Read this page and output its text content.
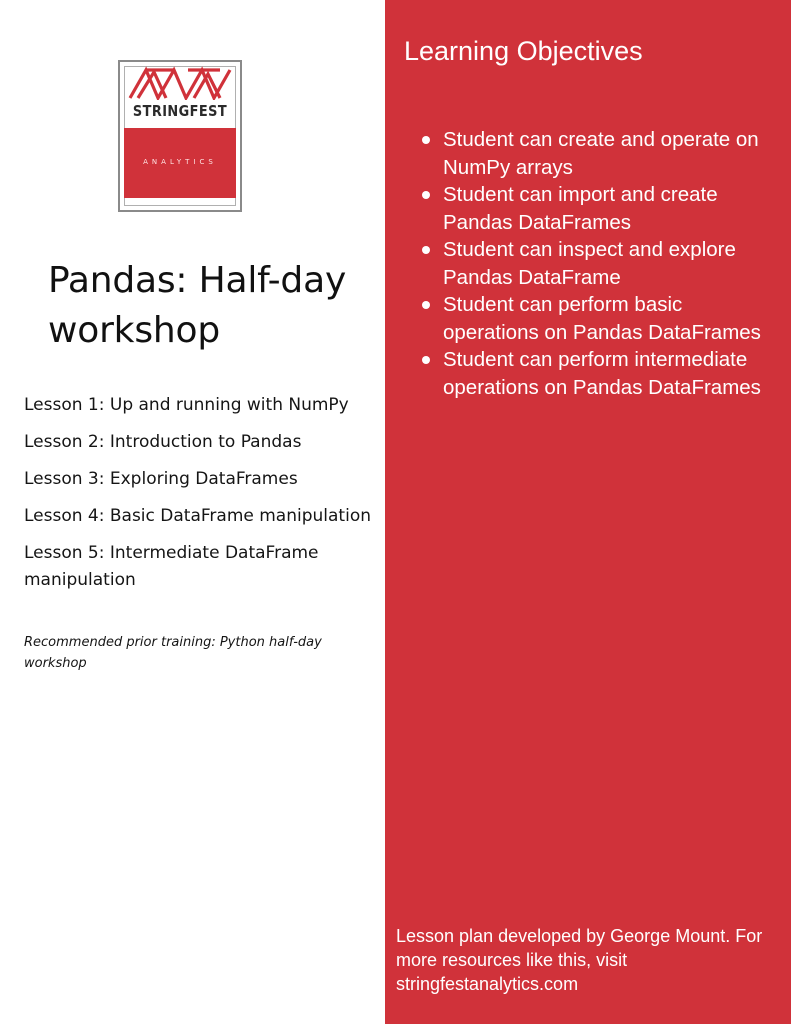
STRINGFEST
ANALYTICS
Pandas: Half-day workshop
Lesson 1: Up and running with NumPy
Lesson 2: Introduction to Pandas
Lesson 3: Exploring DataFrames
Lesson 4: Basic DataFrame manipulation
Lesson 5: Intermediate DataFrame manipulation
Recommended prior training: Python half-day workshop
Learning Objectives
Student can create and operate on NumPy arrays
Student can import and create Pandas DataFrames
Student can inspect and explore Pandas DataFrame
Student can perform basic operations on Pandas DataFrames
Student can perform intermediate operations on Pandas DataFrames

Lesson plan developed by George Mount. For more resources like this, visit stringfestanalytics.com
